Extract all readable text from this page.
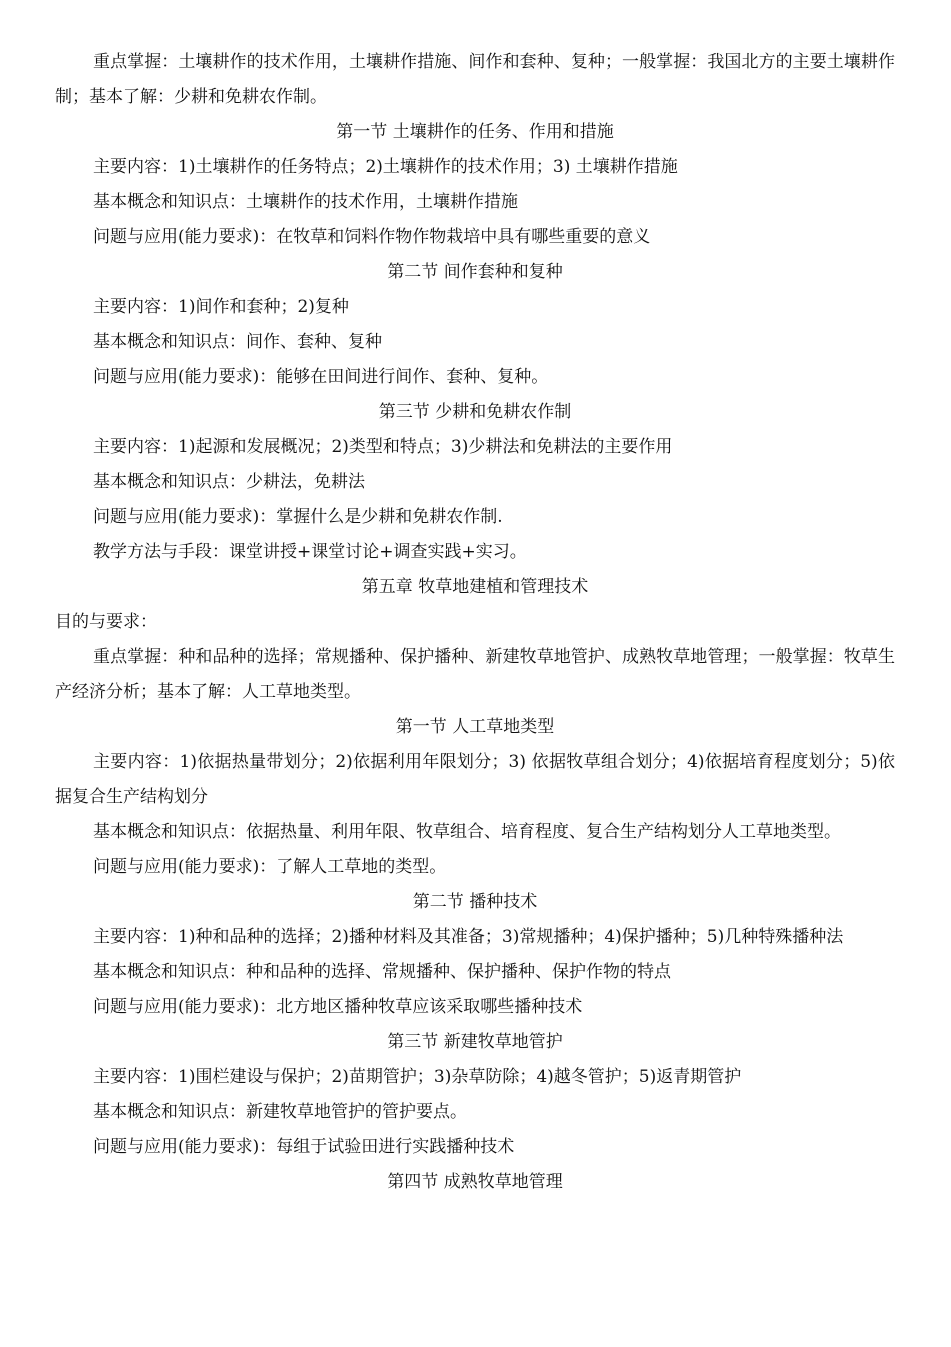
重点掌握：土壤耕作的技术作用，土壤耕作措施、间作和套种、复种；一般掌握：我国北方的主要土壤耕作制；基本了解：少耕和免耕农作制。

第一节 土壤耕作的任务、作用和措施

主要内容：1)土壤耕作的任务特点；2)土壤耕作的技术作用；3) 土壤耕作措施

基本概念和知识点：土壤耕作的技术作用，土壤耕作措施

问题与应用(能力要求)：在牧草和饲料作物作物栽培中具有哪些重要的意义

第二节 间作套种和复种

主要内容：1)间作和套种；2)复种

基本概念和知识点：间作、套种、复种

问题与应用(能力要求)：能够在田间进行间作、套种、复种。

第三节 少耕和免耕农作制

主要内容：1)起源和发展概况；2)类型和特点；3)少耕法和免耕法的主要作用

基本概念和知识点：少耕法，免耕法

问题与应用(能力要求)：掌握什么是少耕和免耕农作制.

教学方法与手段：课堂讲授+课堂讨论+调查实践+实习。

第五章 牧草地建植和管理技术

目的与要求：

重点掌握：种和品种的选择；常规播种、保护播种、新建牧草地管护、成熟牧草地管理；一般掌握：牧草生产经济分析；基本了解：人工草地类型。

第一节 人工草地类型

主要内容：1)依据热量带划分；2)依据利用年限划分；3) 依据牧草组合划分；4)依据培育程度划分；5)依据复合生产结构划分

基本概念和知识点：依据热量、利用年限、牧草组合、培育程度、复合生产结构划分人工草地类型。

问题与应用(能力要求)：了解人工草地的类型。

第二节 播种技术

主要内容：1)种和品种的选择；2)播种材料及其准备；3)常规播种；4)保护播种；5)几种特殊播种法

基本概念和知识点：种和品种的选择、常规播种、保护播种、保护作物的特点

问题与应用(能力要求)：北方地区播种牧草应该采取哪些播种技术

第三节 新建牧草地管护

主要内容：1)围栏建设与保护；2)苗期管护；3)杂草防除；4)越冬管护；5)返青期管护

基本概念和知识点：新建牧草地管护的管护要点。

问题与应用(能力要求)：每组于试验田进行实践播种技术

第四节 成熟牧草地管理
